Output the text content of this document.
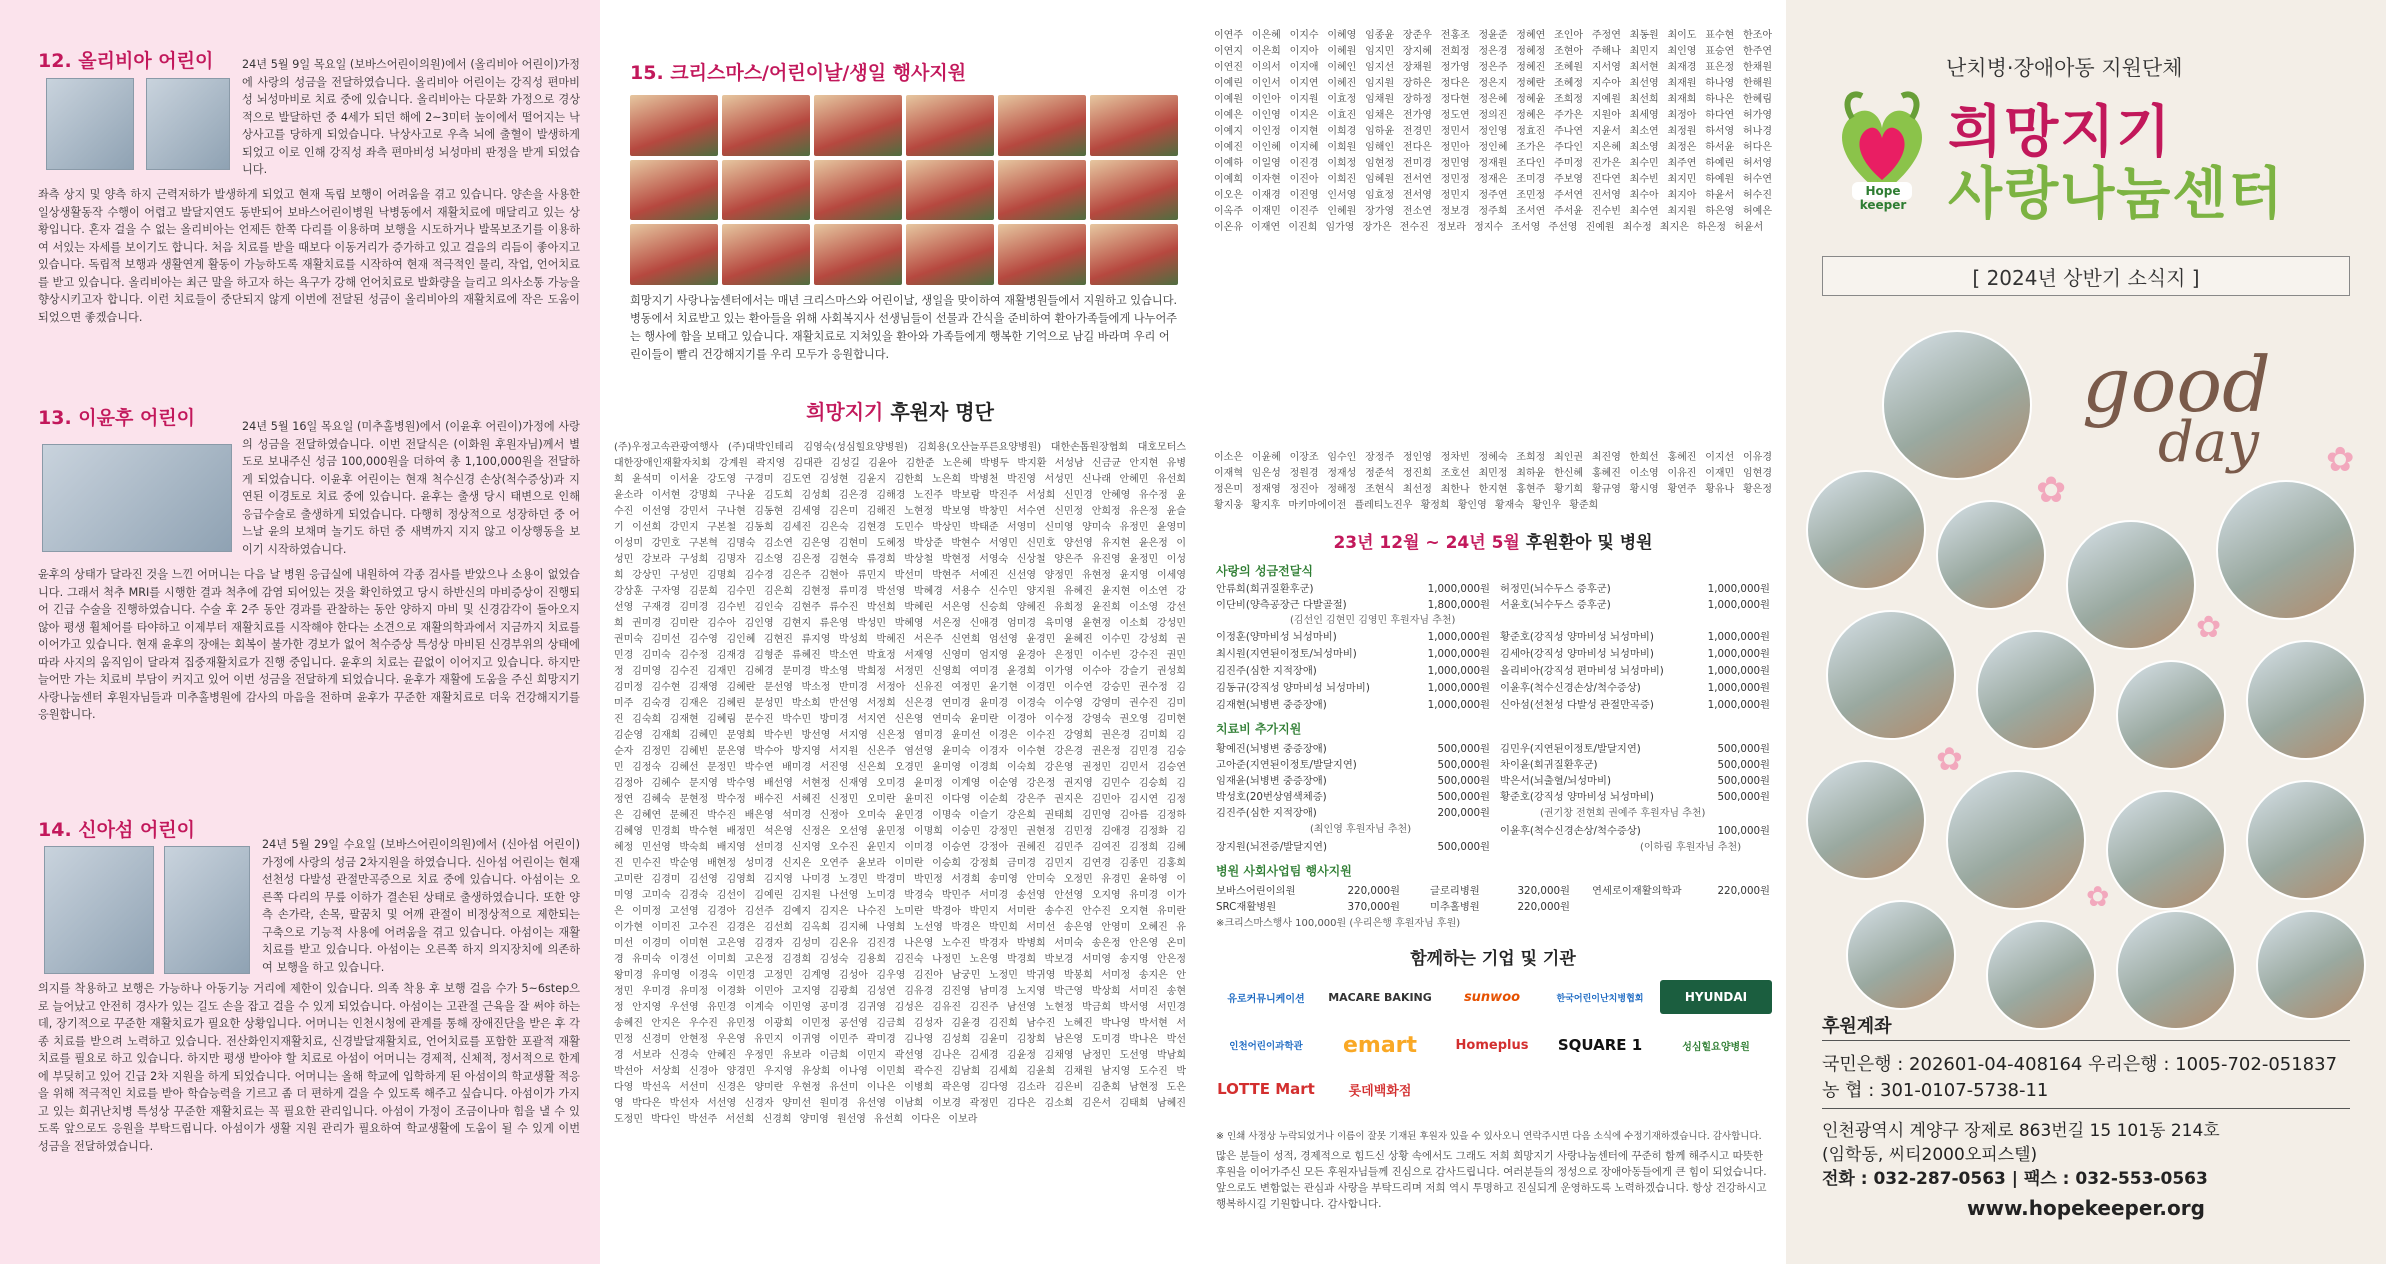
12. 올리비아 어린이	24년 5월 9일 목요일 (보바스어린이의원)에서 (올리비아 어린이)가정에 사랑의 성금을 전달하였습니다. 올리비아 어린이는 강직성 편마비성 뇌성마비로 치료 중에 있습니다. 올리비아는 다문화 가정으로 경상적으로 발달하던 중 4세가 되던 해에 2~3미터 높이에서 떨어지는 낙상사고를 당하게 되었습니다. 낙상사고로 우측 뇌에 출혈이 발생하게 되었고 이로 인해 강직성 좌측 편마비성 뇌성마비 판정을 받게 되었습니다.
좌측 상지 및 양측 하지 근력저하가 발생하게 되었고 현재 독립 보행이 어려움을 겪고 있습니다. 양손을 사용한 일상생활동작 수행이 어렵고 발달지연도 동반되어 보바스어린이병원 낙병동에서 재활치료에 매달리고 있는 상황입니다. 혼자 걸을 수 없는 올리비아는 언제든 한쪽 다리를 이용하며 보행을 시도하거나 발목보조기를 이용하여 서있는 자세를 보이기도 합니다. 처음 치료를 받을 때보다 이동거리가 증가하고 있고 걸음의 리듬이 좋아지고 있습니다. 독립적 보행과 생활연계 활동이 가능하도록 재활치료를 시작하여 현재 적극적인 물리, 작업, 언어치료를 받고 있습니다. 올리비아는 최근 말을 하고자 하는 욕구가 강해 언어치료로 발화량을 늘리고 의사소통 가능을 향상시키고자 합니다. 이런 치료들이 중단되지 않게 이번에 전달된 성금이 올리비아의 재활치료에 작은 도움이 되었으면 좋겠습니다.
13. 이윤후 어린이	24년 5월 16일 목요일 (미추홀병원)에서 (이윤후 어린이)가정에 사랑의 성금을 전달하였습니다. 이번 전달식은 (이화원 후원자님)께서 별도로 보내주신 성금 100,000원을 더하여 총 1,100,000원을 전달하게 되었습니다. 이윤후 어린이는 현재 척수신경 손상(척수증상)과 지연된 이경토로 치료 중에 있습니다. 윤후는 출생 당시 태변으로 인해 응급수술로 출생하게 되었습니다. 다행히 정상적으로 성장하던 중 어느날 윤의 보채며 놀기도 하던 중 새벽까지 지지 않고 이상행동을 보이기 시작하였습니다.
윤후의 상태가 달라진 것을 느낀 어머니는 다음 날 병원 응급실에 내원하여 각종 검사를 받았으나 소용이 없었습니다. 그래서 척추 MRI를 시행한 결과 척추에 감염 되어있는 것을 확인하였고 당시 하반신의 마비증상이 진행되어 긴급 수술을 진행하였습니다. 수술 후 2주 동안 경과를 관찰하는 동안 양하지 마비 및 신경감각이 돌아오지 않아 평생 휠체어를 타야하고 이제부터 재활치료를 시작해야 한다는 소견으로 재활의학과에서 지금까지 치료를 이어가고 있습니다. 현재 윤후의 장애는 회복이 불가한 경보가 없어 척수증상 특성상 마비된 신경부위의 상태에 따라 사지의 움직임이 달라져 집중재활치료가 진행 중입니다. 윤후의 치료는 끝없이 이어지고 있습니다. 하지만 늘어만 가는 치료비 부담이 커지고 있어 이번 성금을 전달하게 되었습니다. 윤후가 재활에 도움을 주신 희망지기 사랑나눔센터 후원자님들과 미추홀병원에 감사의 마음을 전하며 윤후가 꾸준한 재활치료로 더욱 건강해지기를 응원합니다.
14. 신아섬 어린이
24년 5월 29일 수요일 (보바스어린이의원)에서 (신아섬 어린이)가정에 사랑의 성금 2차지원을 하였습니다. 신아섬 어린이는 현재 선천성 다발성 관절만곡증으로 치료 중에 있습니다. 아섬이는 오른쪽 다리의 무릎 이하가 결손된 상태로 출생하였습니다. 또한 양측 손가락, 손목, 팔꿈치 및 어깨 관절이 비정상적으로 제한되는 구축으로 기능적 사용에 어려움을 겪고 있습니다. 아섬이는 재활치료를 받고 있습니다. 아섬이는 오른쪽 하지 의지장치에 의존하여 보행을 하고 있습니다.
의지를 착용하고 보행은 가능하나 아동기능 거리에 제한이 있습니다. 의족 착용 후 보행 걸음 수가 5~6step으로 늘어났고 안전히 경사가 있는 길도 손을 잡고 걸을 수 있게 되었습니다. 아섬이는 고관절 근육을 잘 써야 하는데, 장기적으로 꾸준한 재활치료가 필요한 상황입니다. 어머니는 인천시청에 관계를 통해 장애진단을 받은 후 각종 치료를 받으려 노력하고 있습니다. 전산화인지재활치료, 신경발달재활치료, 언어치료를 포함한 포괄적 재활치료를 필요로 하고 있습니다. 하지만 평생 받아야 할 치료로 아섬이 어머니는 경제적, 신체적, 정서적으로 한계에 부딪히고 있어 긴급 2차 지원을 하게 되었습니다. 어머니는 올해 학교에 입학하게 된 아섬이의 학교생활 적응을 위해 적극적인 치료를 받아 학습능력을 기르고 좀 더 편하게 걸을 수 있도록 해주고 싶습니다. 아섬이가 가지고 있는 희귀난치병 특성상 꾸준한 재활치료는 꼭 필요한 관리입니다. 아섬이 가정이 조금이나마 힘을 낼 수 있도록 앞으로도 응원을 부탁드립니다. 아섬이가 생활 지원 관리가 필요하여 학교생활에 도움이 될 수 있게 이번 성금을 전달하였습니다.
15. 크리스마스/어린이날/생일 행사지원
희망지기 사랑나눔센터에서는 매년 크리스마스와 어린이날, 생일을 맞이하여 재활병원들에서 지원하고 있습니다. 병동에서 치료받고 있는 환아들을 위해 사회복지사 선생님들이 선물과 간식을 준비하여 환아가족들에게 나누어주는 행사에 함을 보태고 있습니다. 재활치료로 지쳐있을 환아와 가족들에게 행복한 기억으로 남길 바라며 우리 어린이들이 빨리 건강해지기를 우리 모두가 응원합니다.
희망지기 후원자 명단
(주)우정고속관광여행사 (주)대박인테리 김영숙(성심힐요양병원) 김희용(오산늘푸른요양병원) 대한손톱원장협회 대호모터스 대한장애인재활자치회 강계원 곽지영 김대관 김성길 김윤아 김한준 노은혜 박병두 박지환 서성남 신금균 안지현 유병희 윤석미 이서윤 강도영 구경미 김도연 김성현 김윤지 김한희 노은희 박병천 박진영 서성민 신나래 안혜민 유선희 윤소라 이서현 강명희 구나윤 김도희 김성희 김은경 김해경 노진주 박보람 박진주 서성희 신민경 안혜영 유수정 윤수진 이선영 강민서 구나현 김동현 김세영 김은미 김해진 노현정 박보영 박창민 서수연 신민정 안희정 유은정 윤슬기 이선희 강민지 구본철 김동희 김세진 김은숙 김현경 도민수 박상민 박태준 서영미 신미영 양미숙 유정민 윤영미 이성미 강민호 구본혁 김명숙 김소연 김은영 김현미 도혜정 박상준 박현수 서영민 신민호 양선영 유지현 윤은정 이성민 강보라 구성희 김명자 김소영 김은정 김현숙 류경희 박상철 박현정 서영숙 신상철 양은주 유진영 윤정민 이성희 강상민 구성민 김명희 김수경 김은주 김현아 류민지 박선미 박현주 서예진 신선영 양정민 유현정 윤지영 이세영 강상훈 구자영 김문희 김수민 김은희 김현정 류미경 박선영 박혜경 서용수 신수민 양지원 유혜진 윤지현 이소연 강선영 구재경 김미경 김수빈 김인숙 김현주 류수진 박선희 박혜린 서은영 신승희 양혜진 유희정 윤진희 이소영 강선희 권미경 김미란 김수아 김인영 김현지 류은영 박성민 박혜영 서은정 신애경 엄미경 육미영 윤현정 이소희 강성민 권미숙 김미선 김수영 김인혜 김현진 류지영 박성희 박혜진 서은주 신연희 엄선영 윤경민 윤혜진 이수민 강성희 권민경 김미숙 김수정 김재경 김형준 류혜진 박소연 박효정 서재영 신영미 엄지영 윤경아 은정민 이수빈 강수진 권민정 김미영 김수진 김재민 김혜경 문미경 박소영 박희정 서정민 신영희 여미경 윤경희 이가영 이수아 강슬기 권성희 김미정 김수현 김재영 김혜란 문선영 박소정 반미경 서정아 신유진 여정민 윤기현 이경민 이수연 강승민 권수정 김미주 김숙경 김재은 김혜린 문성민 박소희 반선영 서정희 신은경 연미경 윤미경 이경숙 이수영 강영미 권수진 김미진 김숙희 김재현 김혜림 문수진 박수민 방미경 서지연 신은영 연미숙 윤미란 이경아 이수정 강영숙 권오영 김미현 김순영 김재희 김혜민 문영희 박수빈 방선영 서지영 신은정 염미경 윤미선 이경은 이수진 강영희 권은경 김미희 김순자 김정민 김혜빈 문은영 박수아 방지영 서지원 신은주 염선영 윤미숙 이경자 이수현 강은경 권은정 김민경 김승민 김정숙 김혜선 문정민 박수연 배미경 서진영 신은희 오경민 윤미영 이경희 이숙희 강은영 권정민 김민서 김승연 김정아 김혜수 문지영 박수영 배선영 서현정 신재영 오미경 윤미정 이계영 이순영 강은정 권지영 김민수 김승희 김정연 김혜숙 문현정 박수정 배수진 서혜진 신정민 오미란 윤미진 이다영 이순희 강은주 권지은 김민아 김시연 김정은 김혜연 문혜진 박수진 배은영 석미경 신정아 오미숙 윤민경 이명숙 이슬기 강은희 권태희 김민영 김아름 김정하 김혜영 민경희 박수현 배정민 석은영 신정은 오선영 윤민정 이명희 이승민 강정민 권현정 김민정 김애경 김정화 김혜정 민선영 박숙희 배지영 선미경 신지영 오수진 윤민지 이미경 이승연 강정아 권혜진 김민주 김여진 김정희 김혜진 민수진 박순영 배현정 성미경 신지은 오연주 윤보라 이미란 이승희 강정희 금미경 김민지 김연경 김종민 김홍희
고미란 김경미 김선영 김영희 김지영 나미경 노경민 박경미 박민정 서경희 송미영 안미숙 오정민 유경민 윤하영 이미영 고미숙 김경숙 김선이 김예린 김지원 나선영 노미경 박경숙 박민주 서미경 송선영 안선영 오지영 유미경 이가은 이미정 고선영 김경아 김선주 김예지 김지은 나수진 노미란 박경아 박민지 서미란 송수진 안수진 오지현 유미란 이가현 이미진 고수진 김경은 김선희 김옥희 김지혜 나영희 노선영 박경은 박민희 서미선 송은영 안영미 오혜진 유미선 이경미 이미현 고은영 김경자 김성미 김온유 김진경 나은영 노수진 박경자 박병희 서미숙 송은정 안은영 온미경 유미숙 이경선 이미희 고은정 김경희 김성숙 김용희 김진숙 나정민 노은영 박경희 박보경 서미영 송지영 안은정 왕미경 유미영 이경옥 이민경 고정민 김계영 김성아 김우영 김진아 남궁민 노정민 박귀영 박봉희 서미정 송지은 안정민 우미경 유미정 이경화 이민아 고지영 김광희 김성연 김유경 김진영 남미경 노지영 박근영 박상희 서미진 송현정 안지영 우선영 유민경 이계숙 이민영 공미경 김귀영 김성은 김유진 김진주 남선영 노현정 박금희 박서영 서민경 송혜진 안지은 우수진 유민정 이광희 이민정 공선영 김금희 김성자 김윤경 김진희 남수진 노혜진 박나영 박서현 서민정 신경미 안현정 우은영 유민지 이귀영 이민주 곽미경 김나영 김성희 김윤미 김창희 남은영 도미경 박나은 박선경 서보라 신경숙 안혜진 우정민 유보라 이금희 이민지 곽선영 김나은 김세경 김윤정 김채영 남정민 도선영 박남희 박선아 서상희 신경아 양경민 우지영 유상희 이나영 이민희 곽수진 김남희 김세희 김윤희 김채원 남지영 도수진 박다영 박선옥 서선미 신경은 양미란 우현정 유선미 이나은 이병희 곽은영 김다영 김소라 김은비 김춘희 남현정 도은영 박다은 박선자 서선영 신경자 양미선 원미경 유선영 이남희 이보경 곽정민 김다은 김소희 김은서 김태희 남혜진 도정민 박다인 박선주 서선희 신경희 양미영 원선영 유선희 이다은 이보라
이연주 이은혜 이지수 이혜영 임종윤 장준우 전홍조 정윤준 정혜연 조인아 주정연 최동원 최이도 표수현 한조아 이연지 이은희 이지아 이혜원 임지민 장지혜 전희정 정은경 정혜정 조현아 주해나 최민지 최인영 표승연 한주연 이연진 이의서 이지애 이혜인 임지선 장채원 정가영 정은주 정혜진 조혜원 지서영 최서현 최재경 표은정 한채원 이예린 이인서 이지연 이혜진 임지원 장하은 정다은 정은지 정혜란 조혜정 지수아 최선영 최재원 하나영 한해원 이예원 이인아 이지원 이효정 임채원 장하정 정다현 정은혜 정혜윤 조희정 지예원 최선희 최재희 하나은 한혜림 이예은 이인영 이지은 이효진 임채은 전가영 정도연 정의진 정혜은 주가은 지원아 최세영 최정아 하다연 허가영 이예지 이인정 이지현 이희경 임하윤 전경민 정민서 정인영 정효진 주나연 지윤서 최소연 최정원 하서영 허나경 이예진 이인혜 이지혜 이희원 임해인 전다은 정민아 정인혜 조가은 주다인 지은혜 최소영 최정은 하서윤 허다은 이예하 이일영 이진경 이희정 임현정 전미경 정민영 정재원 조다인 주미정 진가은 최수민 최주연 하예린 허서영 이예희 이자현 이진아 이희진 임혜원 전서연 정민정 정재은 조미경 주보영 진다연 최수빈 최지민 하예원 허수연 이오은 이재경 이진영 인서영 임효정 전서영 정민지 정주연 조민정 주서연 진서영 최수아 최지아 하윤서 허수진 이옥주 이재민 이진주 인혜원 장가영 전소연 정보경 정주희 조서연 주서윤 진수빈 최수연 최지원 하은영 허예은 이온유 이재연 이진희 임가영 장가은 전수진 정보라 정지수 조서영 주선영 진예원 최수정 최지은 하은정 허윤서
이소은 이윤혜 이장조 임수인 장정주 정인영 정차빈 정혜숙 조희정 최인권 최진영 한희선 홍혜진 이지선 이유경 이재혁 임은성 정원경 정재성 정준석 정진희 조호선 최민정 최하윤 한신혜 홍혜진 이소영 이유진 이재민 임현경 정은미 정재영 정진아 정해정 조현식 최선정 최한나 한지현 홍현주 황기희 황규영 황시영 황연주 황유나 황은정 황지웅 황지후 마키마에이전 플레티노진우 황정희 황인영 황재숙 황인우 황준희
23년 12월 ~ 24년 5월 후원환아 및 병원
사랑의 성금전달식
안류희(희귀질환후군)	1,000,000원 허정민(뇌수두스 증후군)	1,000,000원
이단비(양측공장근 다발골절)	1,800,000원 서윤호(뇌수두스 증후군)	1,000,000원
(김선인 김현민 김영민 후원자님 추천)
이정훈(양마비성 뇌성마비)	1,000,000원 황준호(강직성 양마비성 뇌성마비)	1,000,000원
최시원(지연된이정토/뇌성마비)	1,000,000원 김세아(강직성 양마비성 뇌성마비)	1,000,000원
김진주(심한 지적장애)	1,000,000원 올리비아(강직성 편마비성 뇌성마비)	1,000,000원
김동규(강직성 양마비성 뇌성마비)	1,000,000원 이윤후(척수신경손상/척수증상)	1,000,000원
김재현(뇌병변 중증장애)	1,000,000원 신아섬(선천성 다발성 관절만곡증)	1,000,000원
치료비 추가지원
황예진(뇌병변 중증장애)	500,000원 김민우(지연된이정토/발달지연)	500,000원
고아준(지연된이정토/발달지연)	500,000원 차이윤(회귀질환후군)	500,000원
임재윤(뇌병변 중증장애)	500,000원 박은서(뇌출혈/뇌성마비)	500,000원
박성호(20번상염색체증)	500,000원 황준호(강직성 양마비성 뇌성마비)	500,000원
김진주(심한 지적장애)	200,000원	(권기창 전현회 권예주 후원자님 추천)
(최인영 후원자님 추천)	이윤후(척수신경손상/척수증상)	100,000원
장지원(뇌전증/발달지연)	500,000원	(이하림 후원자님 추천)
병원 사회사업팀 행사지원
보바스어린이의원	220,000원	글로리병원	320,000원 연세로이재활의학과	220,000원
SRC재활병원	370,000원	미추홀병원	220,000원
※크리스마스행사 100,000원 (우리은행 후원자님 후원)
함께하는 기업 및 기관
유로커뮤니케이션	MACARE BAKING	sunwoo	한국어린이난치병협회	HYUNDAI
인천어린이과학관	emart	Homeplus	SQUARE 1	성심힐요양병원
LOTTE Mart	롯데백화점
※ 인쇄 사정상 누락되었거나 이름이 잘못 기재된 후원자 있을 수 있사오니 연락주시면 다음 소식에 수정기재하겠습니다. 감사합니다.
많은 분들이 성적, 경제적으로 힘드신 상황 속에서도 그래도 저희 희망지기 사랑나눔센터에 꾸준히 함께 해주시고 따뜻한 후원을 이어가주신 모든 후원자님들께 진심으로 감사드립니다. 여러분들의 정성으로 장애아동들에게 큰 힘이 되었습니다. 앞으로도 변함없는 관심과 사랑을 부탁드리며 저희 역시 투명하고 진실되게 운영하도록 노력하겠습니다. 항상 건강하시고 행복하시길 기원합니다. 감사합니다.
Hope keeper
난치병·장애아동 지원단체
희망지기
사랑나눔센터
[ 2024년 상반기 소식지 ]
good
day
✿
✿
✿
✿
✿
후원계좌
국민은행 : 202601-04-408164 우리은행 : 1005-702-051837
농 협 : 301-0107-5738-11
인천광역시 계양구 장제로 863번길 15 101동 214호
(임학동, 씨티2000오피스텔)
전화 : 032-287-0563 | 팩스 : 032-553-0563
www.hopekeeper.org
